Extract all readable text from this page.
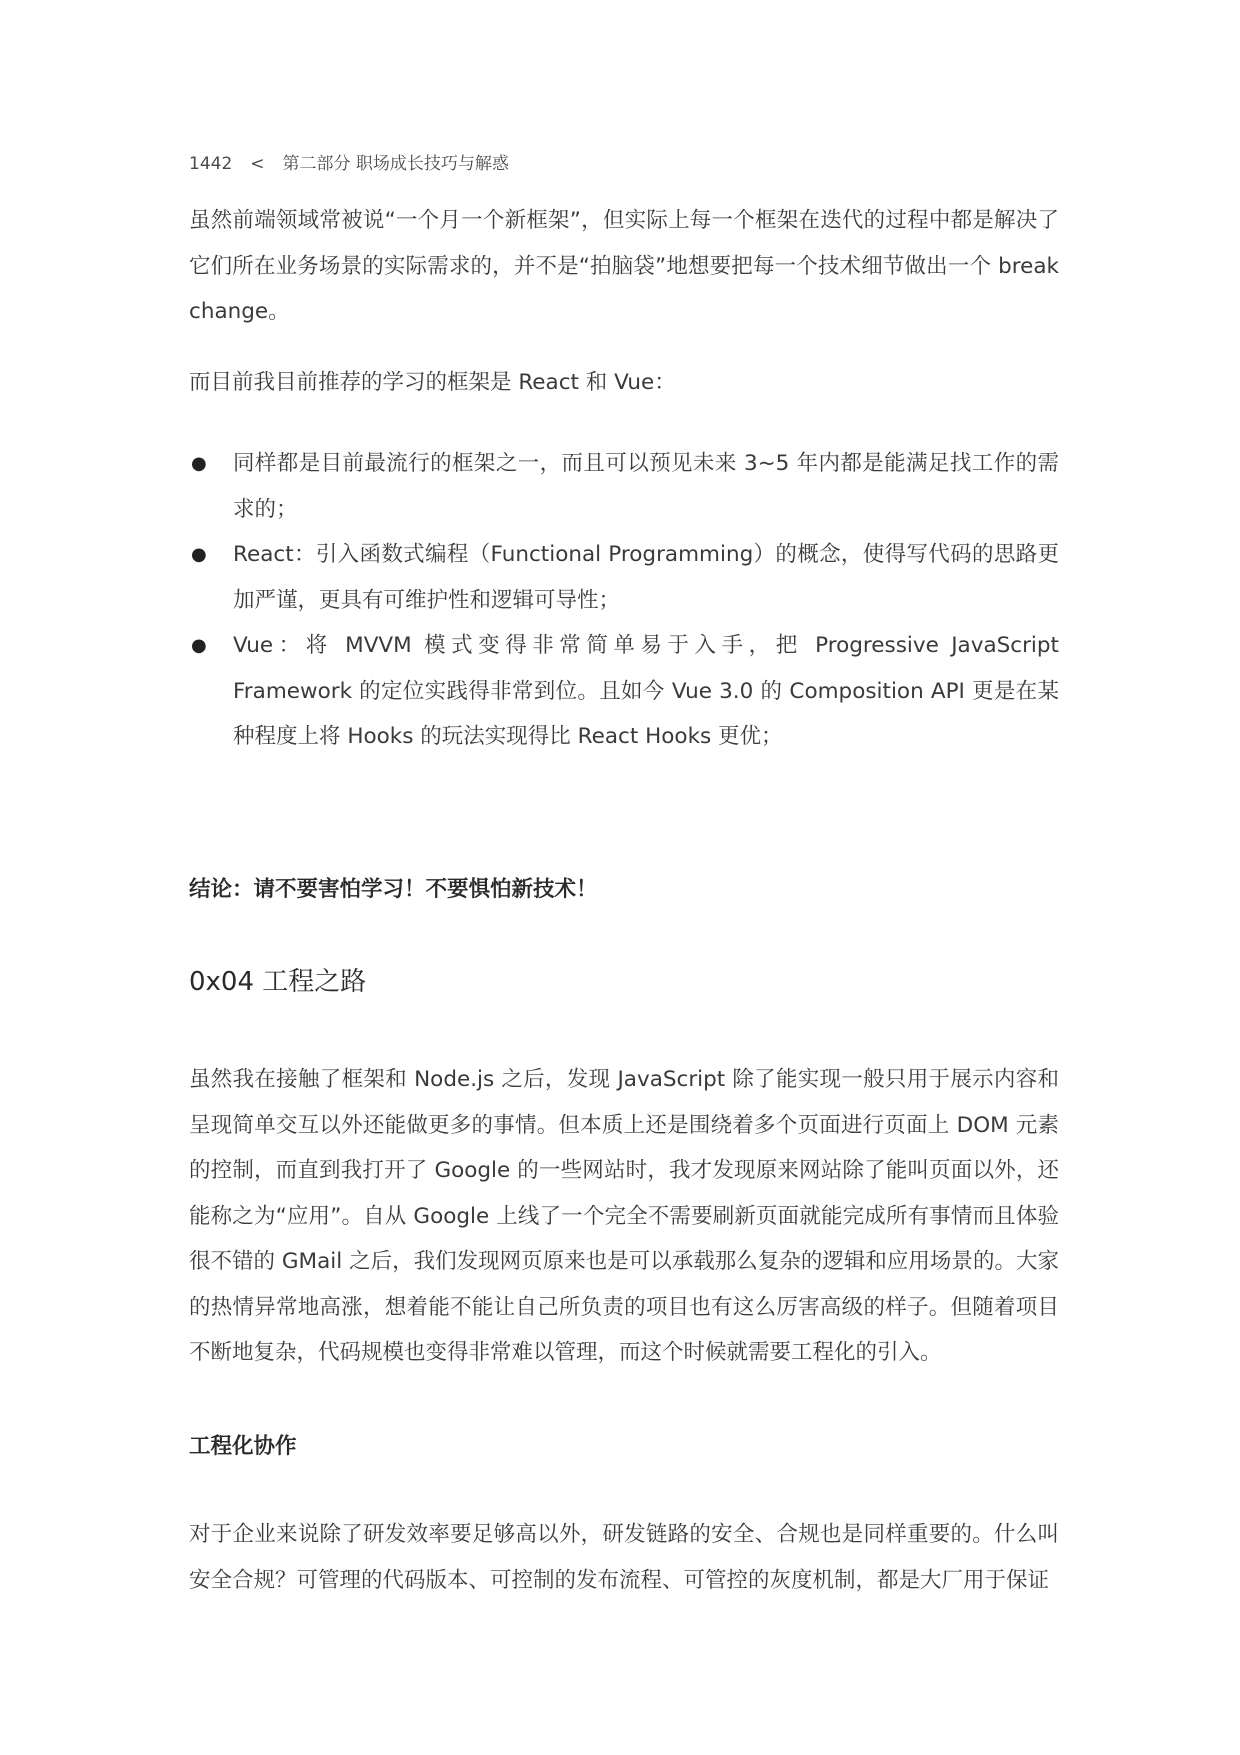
1442 < 第二部分 职场成长技巧与解惑

虽然前端领域常被说“一个月一个新框架”，但实际上每一个框架在迭代的过程中都是解决了它们所在业务场景的实际需求的，并不是“拍脑袋”地想要把每一个技术细节做出一个 break change。

而目前我目前推荐的学习的框架是 React 和 Vue：

● 同样都是目前最流行的框架之一，而且可以预见未来 3~5 年内都是能满足找工作的需求的；
● React：引入函数式编程（Functional Programming）的概念，使得写代码的思路更加严谨，更具有可维护性和逻辑可导性；
● Vue：将 MVVM 模式变得非常简单易于入手，把 Progressive JavaScript Framework 的定位实践得非常到位。且如今 Vue 3.0 的 Composition API 更是在某种程度上将 Hooks 的玩法实现得比 React Hooks 更优；

结论：请不要害怕学习！不要惧怕新技术！

0x04 工程之路

虽然我在接触了框架和 Node.js 之后，发现 JavaScript 除了能实现一般只用于展示内容和呈现简单交互以外还能做更多的事情。但本质上还是围绕着多个页面进行页面上 DOM 元素的控制，而直到我打开了 Google 的一些网站时，我才发现原来网站除了能叫页面以外，还能称之为“应用”。自从 Google 上线了一个完全不需要刷新页面就能完成所有事情而且体验很不错的 GMail 之后，我们发现网页原来也是可以承载那么复杂的逻辑和应用场景的。大家的热情异常地高涨，想着能不能让自己所负责的项目也有这么厉害高级的样子。但随着项目不断地复杂，代码规模也变得非常难以管理，而这个时候就需要工程化的引入。

工程化协作

对于企业来说除了研发效率要足够高以外，研发链路的安全、合规也是同样重要的。什么叫安全合规？可管理的代码版本、可控制的发布流程、可管控的灰度机制，都是大厂用于保证
